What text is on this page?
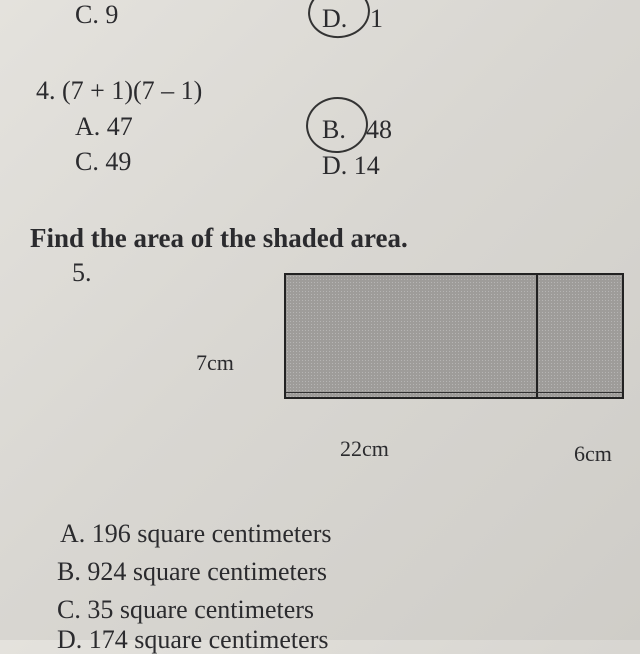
C. 9	D. 1
4. (7 + 1)(7 – 1)
A. 47	B. 48
C. 49	D. 14
Find the area of the shaded area.
5.
7cm
22cm	6cm
A. 196 square centimeters
B. 924 square centimeters
C. 35 square centimeters
D. 174 square centimeters
